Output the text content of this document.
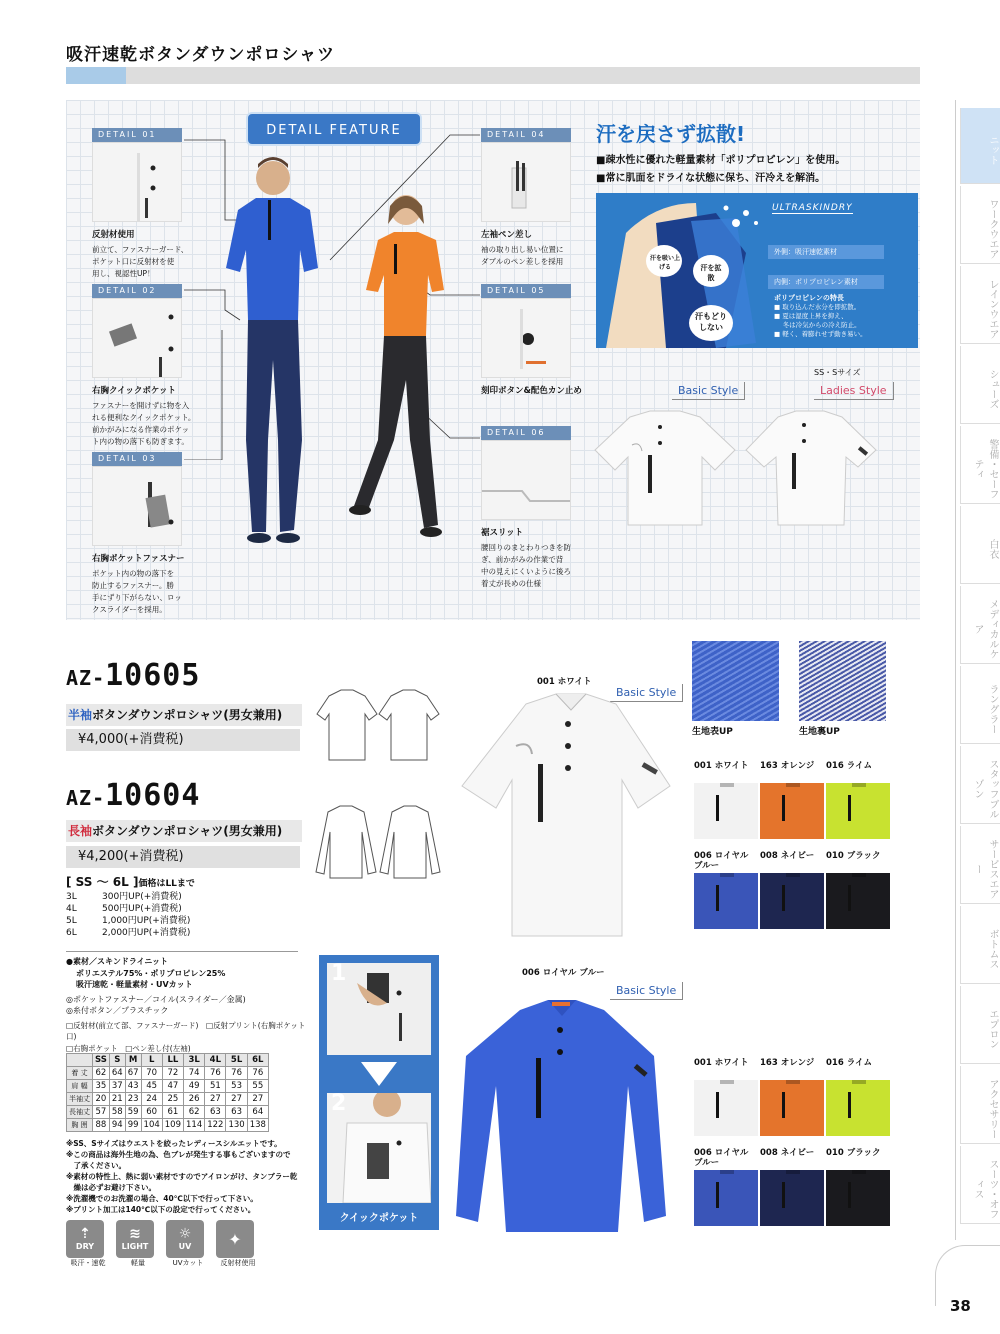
吸汗速乾ボタンダウンポロシャツ
DETAIL FEATURE
DETAIL 01
反射材使用
前立て、ファスナーガード、
ポケット口に反射材を使
用し、視認性UP！
DETAIL 02
右胸クイックポケット
ファスナーを開けずに物を入
れる便利なクイックポケット。
前かがみになる作業のポケッ
ト内の物の落下も防ぎます。
DETAIL 03
右胸ポケットファスナー
ポケット内の物の落下を
防止するファスナー。勝
手にずり下がらない、ロッ
クスライダーを採用。
DETAIL 04
左袖ペン差し
袖の取り出し易い位置に
ダブルのペン差しを採用
DETAIL 05
刻印ボタン&配色カン止め
DETAIL 06
裾スリット
腰回りのまとわりつきを防
ぎ、前かがみの作業で背
中の見えにくいように後ろ
着丈が長めの仕様
汗を戻さず拡散!
■疎水性に優れた軽量素材「ポリプロピレン」を使用。
■常に肌面をドライな状態に保ち、汗冷えを解消。
汗を吸い上げる	汗を拡散
汗もどりしない
ULTRASKINDRY
外側：吸汗速乾素材
内側：ポリプロピレン素材
ポリプロピレンの特長
■ 取り込んだ水分を即拡散。
■ 夏は湿度上昇を抑え、
　 冬は冷気からの冷え防止。
■ 軽く、着膨れせず動き易い。
SS・Sサイズ
Basic Style	Ladies Style
AZ-10605
半袖ボタンダウンポロシャツ(男女兼用)
¥4,000(+消費税)
AZ-10604
長袖ボタンダウンポロシャツ(男女兼用)
¥4,200(+消費税)
[ SS ～ 6L ]価格はLLまで
3L	300円UP(+消費税)
4L	500円UP(+消費税)
5L	1,000円UP(+消費税)
6L	2,000円UP(+消費税)
●素材／スキンドライニット
ポリエステル75%・ポリプロピレン25%
吸汗速乾・軽量素材・UVカット
◎ポケットファスナー／コイル(スライダー／金属)
◎糸付ボタン／プラスチック
□反射材(前立て部、ファスナーガード)　□反射プリント(右胸ポケット口)
□右胸ポケット　□ペン差し付(左袖)
	SS	S	M	L	LL	3L	4L	5L	6L
着 丈	62	64	67	70	72	74	76	76	76
肩 幅	35	37	43	45	47	49	51	53	55
半袖丈	20	21	23	24	25	26	27	27	27
長袖丈	57	58	59	60	61	62	63	63	64
胸 囲	88	94	99	104	109	114	122	130	138
※SS、Sサイズはウエストを絞ったレディースシルエットです。
※この商品は海外生地の為、色ブレが発生する事もございますので
　了承ください。
※素材の特性上、熱に弱い素材ですのでアイロンがけ、タンブラー乾
　燥は必ずお避け下さい。
※洗濯機でのお洗濯の場合、40℃以下で行って下さい。
※プリント加工は140℃以下の設定で行ってください。
⇡
DRY
吸汗・速乾
≋
LIGHT
軽量
☼
UV
UVカット
✦
反射材使用
1
2
クイックポケット
001 ホワイト
Basic Style
生地表UP	生地裏UP
001 ホワイト	163 オレンジ	016 ライム
006 ロイヤル
ブルー
008 ネイビー	010 ブラック
006 ロイヤル ブルー
Basic Style
001 ホワイト	163 オレンジ	016 ライム
006 ロイヤル
ブルー
008 ネイビー	010 ブラック
ニット
ワークウエア
レインウエア
シューズ
警備・セーフティ
白衣
メディカルケア
ラングラー
スタッフブルゾン
サービスエアー
ボトムス
エプロン
アクセサリー
スーツ・オフィス
38
